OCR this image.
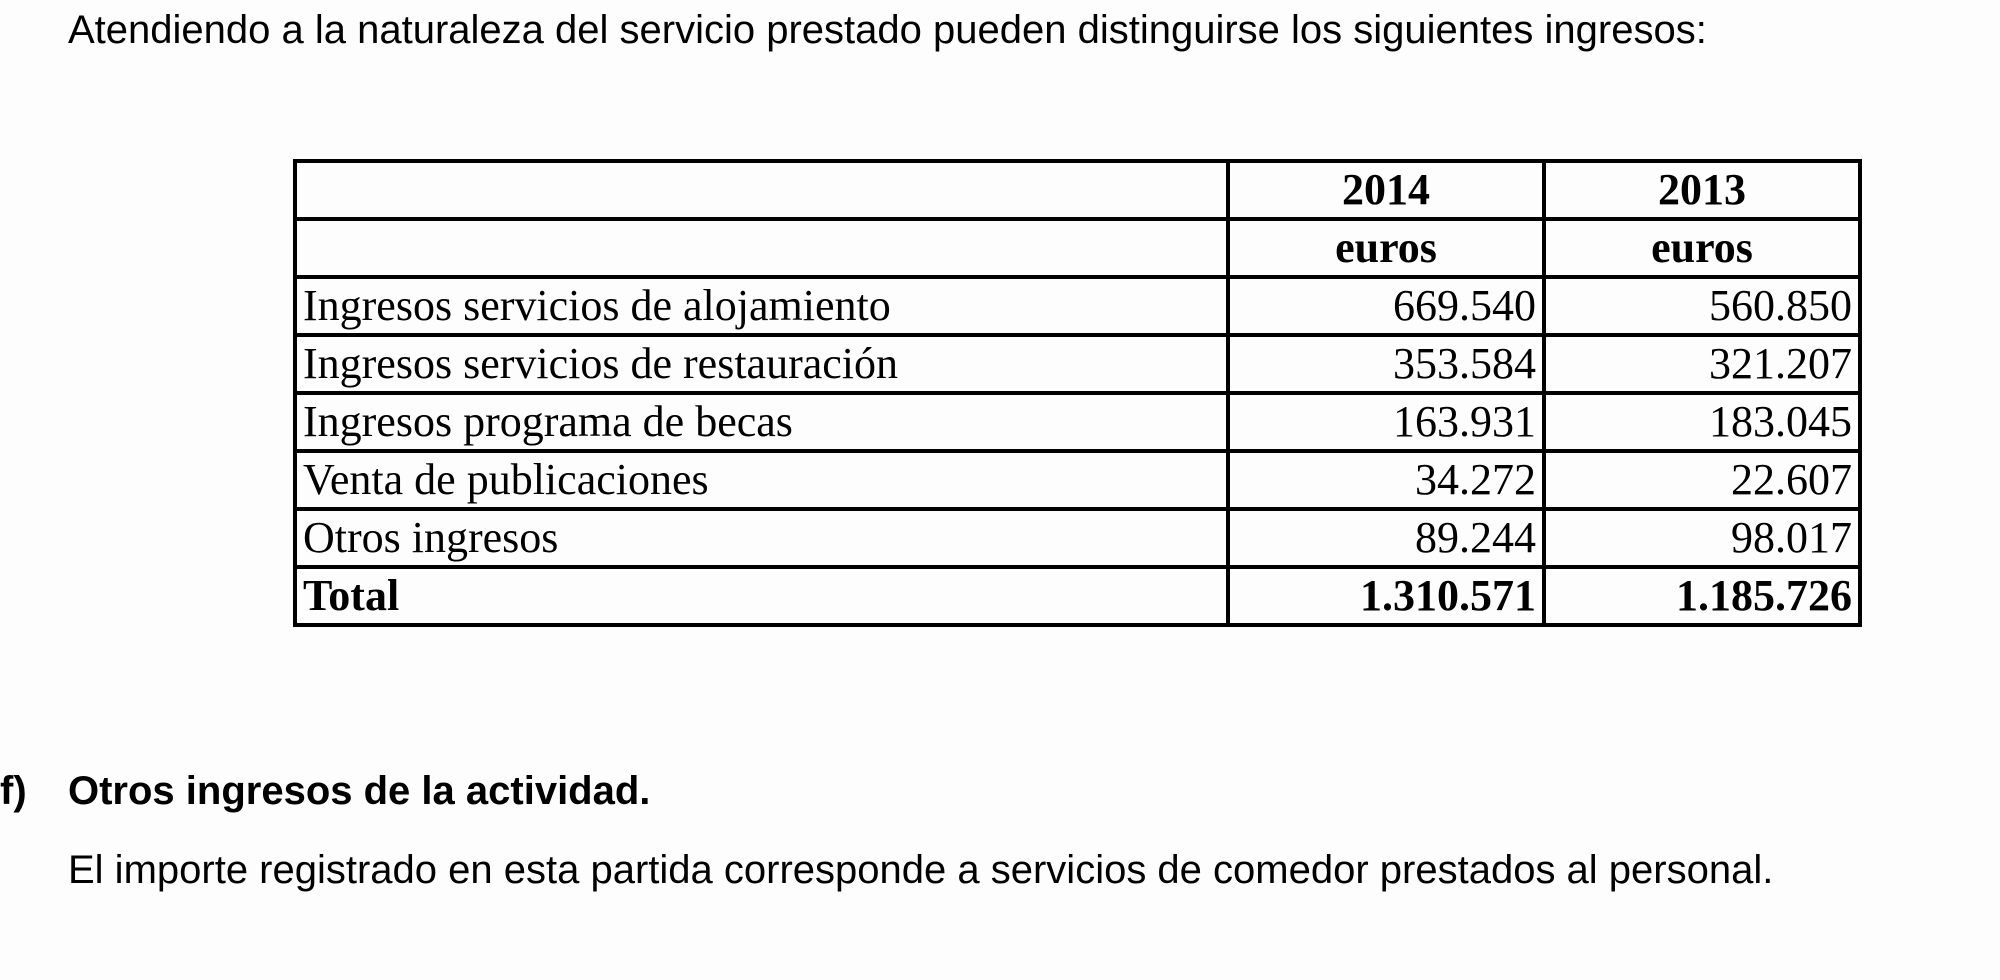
Atendiendo a la naturaleza del servicio prestado pueden distinguirse los siguientes ingresos:

	2014	2013
	euros	euros
Ingresos servicios de alojamiento	669.540	560.850
Ingresos servicios de restauración	353.584	321.207
Ingresos programa de becas	163.931	183.045
Venta de publicaciones	34.272	22.607
Otros ingresos	89.244	98.017
Total	1.310.571	1.185.726

f) Otros ingresos de la actividad.

El importe registrado en esta partida corresponde a servicios de comedor prestados al personal.
